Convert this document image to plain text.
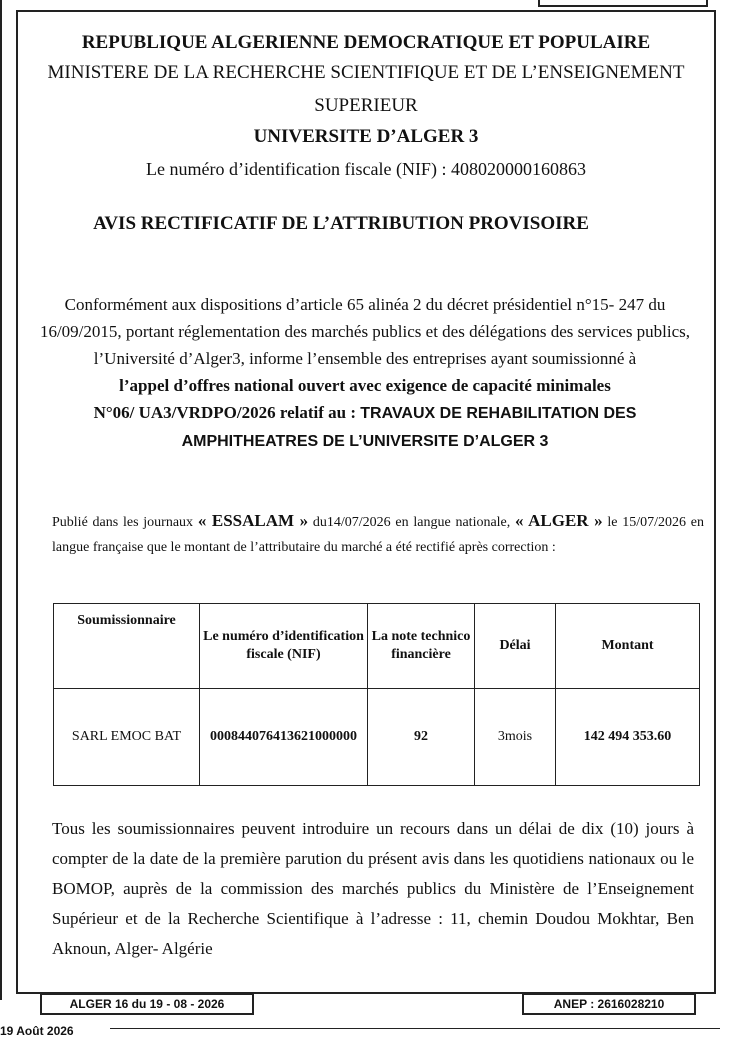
REPUBLIQUE ALGERIENNE DEMOCRATIQUE ET POPULAIRE
MINISTERE DE LA RECHERCHE SCIENTIFIQUE ET DE L’ENSEIGNEMENT
SUPERIEUR
UNIVERSITE D’ALGER 3
Le numéro d’identification fiscale (NIF) : 408020000160863
AVIS RECTIFICATIF DE L’ATTRIBUTION PROVISOIRE
Conformément aux dispositions d’article 65 alinéa 2 du décret présidentiel n°15- 247 du 16/09/2015, portant réglementation des marchés publics et des délégations des services publics, l’Université d’Alger3, informe l’ensemble des entreprises ayant soumissionné à
l’appel d’offres national ouvert avec exigence de capacité minimales
N°06/ UA3/VRDPO/2026 relatif au : TRAVAUX DE REHABILITATION DES AMPHITHEATRES DE L’UNIVERSITE D’ALGER 3
Publié dans les journaux « ESSALAM » du14/07/2026 en langue nationale, « ALGER » le 15/07/2026 en langue française que le montant de l’attributaire du marché a été rectifié après correction :
Soumissionnaire	Le numéro d’identification fiscale (NIF)	La note technico financière	Délai	Montant
SARL EMOC BAT	000844076413621000000	92	3mois	142 494 353.60
Tous les soumissionnaires peuvent introduire un recours dans un délai de dix (10) jours à compter de la date de la première parution du présent avis dans les quotidiens nationaux ou le BOMOP, auprès de la commission des marchés publics du Ministère de l’Enseignement Supérieur et de la Recherche Scientifique à l’adresse : 11, chemin Doudou Mokhtar, Ben Aknoun, Alger- Algérie
ALGER 16 du 19 - 08 - 2026	ANEP : 2616028210
19 Août 2026
